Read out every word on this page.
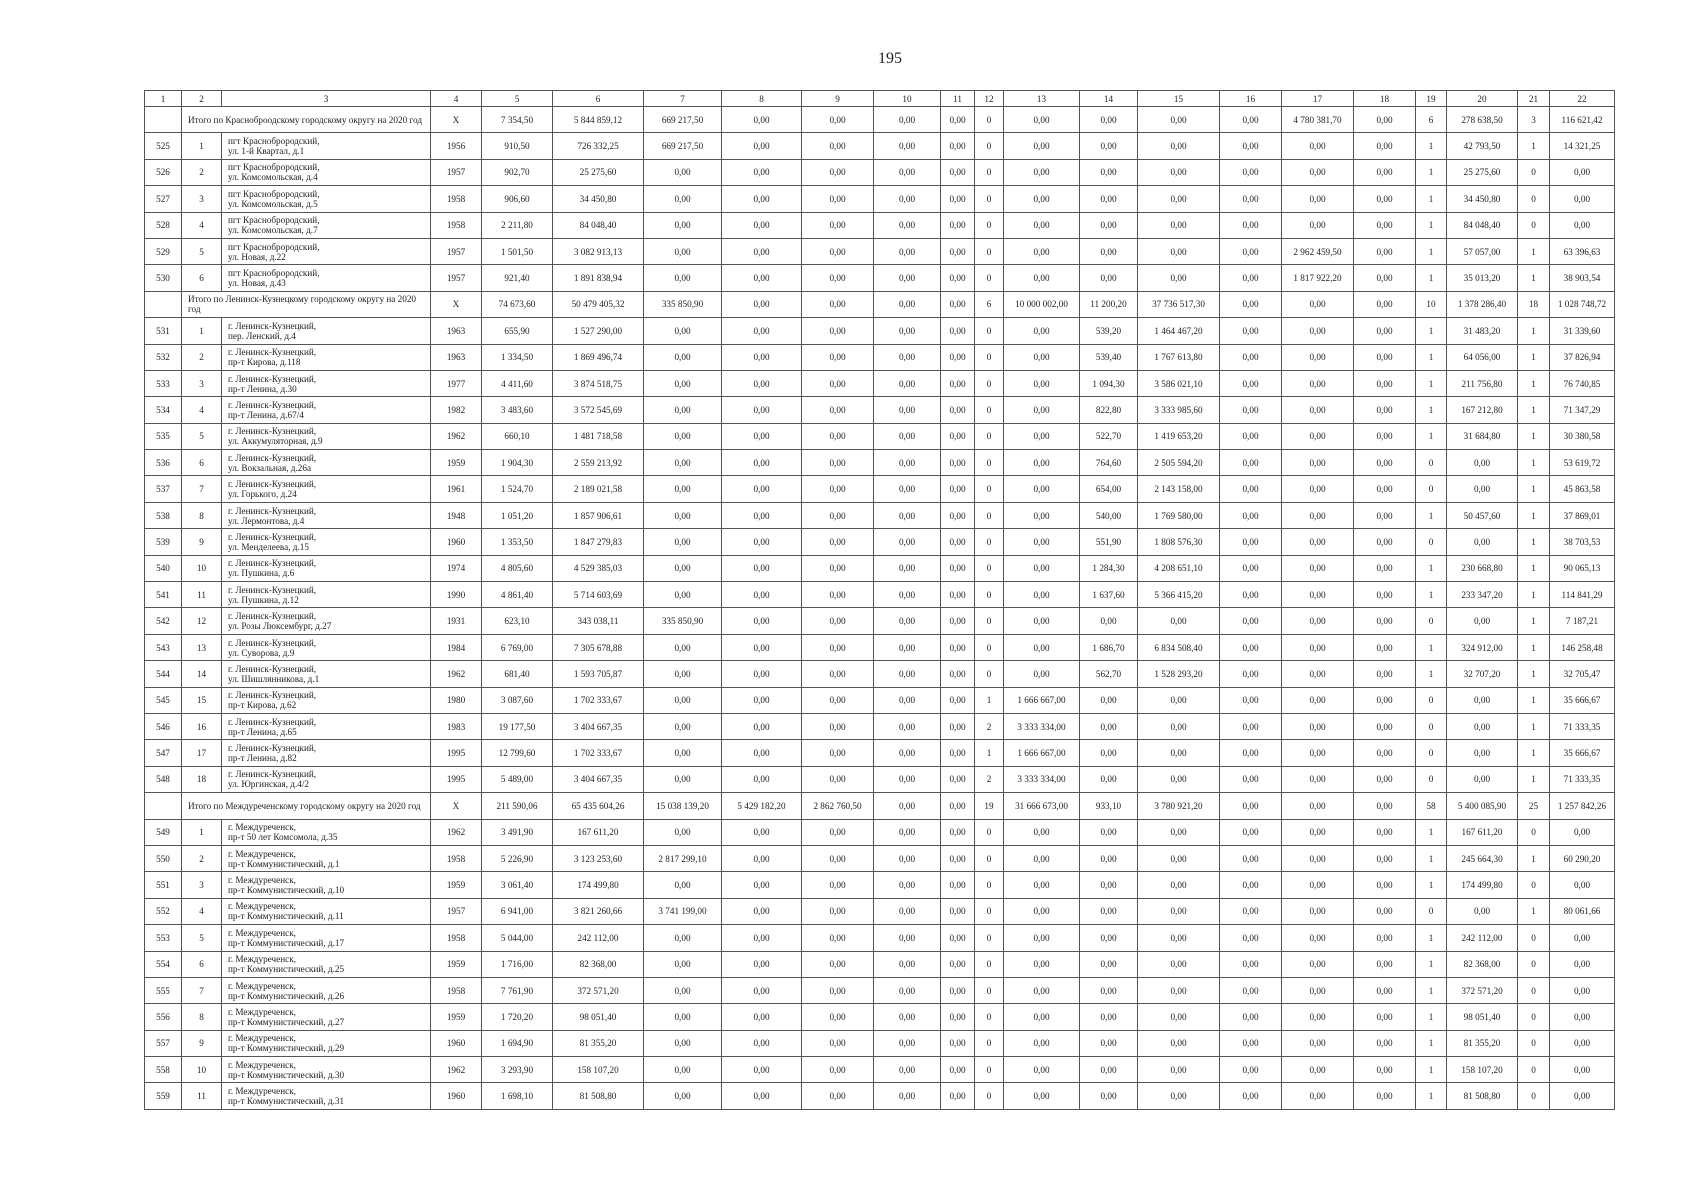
195
1	2	3	4	5	6	7	8	9	10	11	12	13	14	15	16	17	18	19	20	21	22
	Итого по Красноброодскому городскому округу на 2020 год		X	7 354,50	5 844 859,12	669 217,50	0,00	0,00	0,00	0,00	0	0,00	0,00	0,00	0,00	4 780 381,70	0,00	6	278 638,50	3	116 621,42
525	1	пгт Красноброродский,
ул. 1-й Квартал, д.1	1956	910,50	726 332,25	669 217,50	0,00	0,00	0,00	0,00	0	0,00	0,00	0,00	0,00	0,00	0,00	1	42 793,50	1	14 321,25
526	2	пгт Красноброродский,
ул. Комсомольская, д.4	1957	902,70	25 275,60	0,00	0,00	0,00	0,00	0,00	0	0,00	0,00	0,00	0,00	0,00	0,00	1	25 275,60	0	0,00
527	3	пгт Красноброродский,
ул. Комсомольская, д.5	1958	906,60	34 450,80	0,00	0,00	0,00	0,00	0,00	0	0,00	0,00	0,00	0,00	0,00	0,00	1	34 450,80	0	0,00
528	4	пгт Красноброродский,
ул. Комсомольская, д.7	1958	2 211,80	84 048,40	0,00	0,00	0,00	0,00	0,00	0	0,00	0,00	0,00	0,00	0,00	0,00	1	84 048,40	0	0,00
529	5	пгт Красноброродский,
ул. Новая, д.22	1957	1 501,50	3 082 913,13	0,00	0,00	0,00	0,00	0,00	0	0,00	0,00	0,00	0,00	2 962 459,50	0,00	1	57 057,00	1	63 396,63
530	6	пгт Красноброродский,
ул. Новая, д.43	1957	921,40	1 891 838,94	0,00	0,00	0,00	0,00	0,00	0	0,00	0,00	0,00	0,00	1 817 922,20	0,00	1	35 013,20	1	38 903,54
	Итого по Ленинск-Кузнецкому городскому округу на 2020 год		X	74 673,60	50 479 405,32	335 850,90	0,00	0,00	0,00	0,00	6	10 000 002,00	11 200,20	37 736 517,30	0,00	0,00	0,00	10	1 378 286,40	18	1 028 748,72
531	1	г. Ленинск-Кузнецкий,
пер. Ленский, д.4	1963	655,90	1 527 290,00	0,00	0,00	0,00	0,00	0,00	0	0,00	539,20	1 464 467,20	0,00	0,00	0,00	1	31 483,20	1	31 339,60
532	2	г. Ленинск-Кузнецкий,
пр-т Кирова, д.118	1963	1 334,50	1 869 496,74	0,00	0,00	0,00	0,00	0,00	0	0,00	539,40	1 767 613,80	0,00	0,00	0,00	1	64 056,00	1	37 826,94
533	3	г. Ленинск-Кузнецкий,
пр-т Ленина, д.30	1977	4 411,60	3 874 518,75	0,00	0,00	0,00	0,00	0,00	0	0,00	1 094,30	3 586 021,10	0,00	0,00	0,00	1	211 756,80	1	76 740,85
534	4	г. Ленинск-Кузнецкий,
пр-т Ленина, д.67/4	1982	3 483,60	3 572 545,69	0,00	0,00	0,00	0,00	0,00	0	0,00	822,80	3 333 985,60	0,00	0,00	0,00	1	167 212,80	1	71 347,29
535	5	г. Ленинск-Кузнецкий,
ул. Аккумуляторная, д.9	1962	660,10	1 481 718,58	0,00	0,00	0,00	0,00	0,00	0	0,00	522,70	1 419 653,20	0,00	0,00	0,00	1	31 684,80	1	30 380,58
536	6	г. Ленинск-Кузнецкий,
ул. Вокзальная, д.26а	1959	1 904,30	2 559 213,92	0,00	0,00	0,00	0,00	0,00	0	0,00	764,60	2 505 594,20	0,00	0,00	0,00	0	0,00	1	53 619,72
537	7	г. Ленинск-Кузнецкий,
ул. Горького, д.24	1961	1 524,70	2 189 021,58	0,00	0,00	0,00	0,00	0,00	0	0,00	654,00	2 143 158,00	0,00	0,00	0,00	0	0,00	1	45 863,58
538	8	г. Ленинск-Кузнецкий,
ул. Лермонтова, д.4	1948	1 051,20	1 857 906,61	0,00	0,00	0,00	0,00	0,00	0	0,00	540,00	1 769 580,00	0,00	0,00	0,00	1	50 457,60	1	37 869,01
539	9	г. Ленинск-Кузнецкий,
ул. Менделеева, д.15	1960	1 353,50	1 847 279,83	0,00	0,00	0,00	0,00	0,00	0	0,00	551,90	1 808 576,30	0,00	0,00	0,00	0	0,00	1	38 703,53
540	10	г. Ленинск-Кузнецкий,
ул. Пушкина, д.6	1974	4 805,60	4 529 385,03	0,00	0,00	0,00	0,00	0,00	0	0,00	1 284,30	4 208 651,10	0,00	0,00	0,00	1	230 668,80	1	90 065,13
541	11	г. Ленинск-Кузнецкий,
ул. Пушкина, д.12	1990	4 861,40	5 714 603,69	0,00	0,00	0,00	0,00	0,00	0	0,00	1 637,60	5 366 415,20	0,00	0,00	0,00	1	233 347,20	1	114 841,29
542	12	г. Ленинск-Кузнецкий,
ул. Розы Люксембург, д.27	1931	623,10	343 038,11	335 850,90	0,00	0,00	0,00	0,00	0	0,00	0,00	0,00	0,00	0,00	0,00	0	0,00	1	7 187,21
543	13	г. Ленинск-Кузнецкий,
ул. Суворова, д.9	1984	6 769,00	7 305 678,88	0,00	0,00	0,00	0,00	0,00	0	0,00	1 686,70	6 834 508,40	0,00	0,00	0,00	1	324 912,00	1	146 258,48
544	14	г. Ленинск-Кузнецкий,
ул. Шишлянникова, д.1	1962	681,40	1 593 705,87	0,00	0,00	0,00	0,00	0,00	0	0,00	562,70	1 528 293,20	0,00	0,00	0,00	1	32 707,20	1	32 705,47
545	15	г. Ленинск-Кузнецкий,
пр-т Кирова, д.62	1980	3 087,60	1 702 333,67	0,00	0,00	0,00	0,00	0,00	1	1 666 667,00	0,00	0,00	0,00	0,00	0,00	0	0,00	1	35 666,67
546	16	г. Ленинск-Кузнецкий,
пр-т Ленина, д.65	1983	19 177,50	3 404 667,35	0,00	0,00	0,00	0,00	0,00	2	3 333 334,00	0,00	0,00	0,00	0,00	0,00	0	0,00	1	71 333,35
547	17	г. Ленинск-Кузнецкий,
пр-т Ленина, д.82	1995	12 799,60	1 702 333,67	0,00	0,00	0,00	0,00	0,00	1	1 666 667,00	0,00	0,00	0,00	0,00	0,00	0	0,00	1	35 666,67
548	18	г. Ленинск-Кузнецкий,
ул. Юргинская, д.4/2	1995	5 489,00	3 404 667,35	0,00	0,00	0,00	0,00	0,00	2	3 333 334,00	0,00	0,00	0,00	0,00	0,00	0	0,00	1	71 333,35
	Итого по Междуреченскому городскому округу на 2020 год		X	211 590,06	65 435 604,26	15 038 139,20	5 429 182,20	2 862 760,50	0,00	0,00	19	31 666 673,00	933,10	3 780 921,20	0,00	0,00	0,00	58	5 400 085,90	25	1 257 842,26
549	1	г. Междуреченск,
пр-т 50 лет Комсомола, д.35	1962	3 491,90	167 611,20	0,00	0,00	0,00	0,00	0,00	0	0,00	0,00	0,00	0,00	0,00	0,00	1	167 611,20	0	0,00
550	2	г. Междуреченск,
пр-т Коммунистический, д.1	1958	5 226,90	3 123 253,60	2 817 299,10	0,00	0,00	0,00	0,00	0	0,00	0,00	0,00	0,00	0,00	0,00	1	245 664,30	1	60 290,20
551	3	г. Междуреченск,
пр-т Коммунистический, д.10	1959	3 061,40	174 499,80	0,00	0,00	0,00	0,00	0,00	0	0,00	0,00	0,00	0,00	0,00	0,00	1	174 499,80	0	0,00
552	4	г. Междуреченск,
пр-т Коммунистический, д.11	1957	6 941,00	3 821 260,66	3 741 199,00	0,00	0,00	0,00	0,00	0	0,00	0,00	0,00	0,00	0,00	0,00	0	0,00	1	80 061,66
553	5	г. Междуреченск,
пр-т Коммунистический, д.17	1958	5 044,00	242 112,00	0,00	0,00	0,00	0,00	0,00	0	0,00	0,00	0,00	0,00	0,00	0,00	1	242 112,00	0	0,00
554	6	г. Междуреченск,
пр-т Коммунистический, д.25	1959	1 716,00	82 368,00	0,00	0,00	0,00	0,00	0,00	0	0,00	0,00	0,00	0,00	0,00	0,00	1	82 368,00	0	0,00
555	7	г. Междуреченск,
пр-т Коммунистический, д.26	1958	7 761,90	372 571,20	0,00	0,00	0,00	0,00	0,00	0	0,00	0,00	0,00	0,00	0,00	0,00	1	372 571,20	0	0,00
556	8	г. Междуреченск,
пр-т Коммунистический, д.27	1959	1 720,20	98 051,40	0,00	0,00	0,00	0,00	0,00	0	0,00	0,00	0,00	0,00	0,00	0,00	1	98 051,40	0	0,00
557	9	г. Междуреченск,
пр-т Коммунистический, д.29	1960	1 694,90	81 355,20	0,00	0,00	0,00	0,00	0,00	0	0,00	0,00	0,00	0,00	0,00	0,00	1	81 355,20	0	0,00
558	10	г. Междуреченск,
пр-т Коммунистический, д.30	1962	3 293,90	158 107,20	0,00	0,00	0,00	0,00	0,00	0	0,00	0,00	0,00	0,00	0,00	0,00	1	158 107,20	0	0,00
559	11	г. Междуреченск,
пр-т Коммунистический, д.31	1960	1 698,10	81 508,80	0,00	0,00	0,00	0,00	0,00	0	0,00	0,00	0,00	0,00	0,00	0,00	1	81 508,80	0	0,00
